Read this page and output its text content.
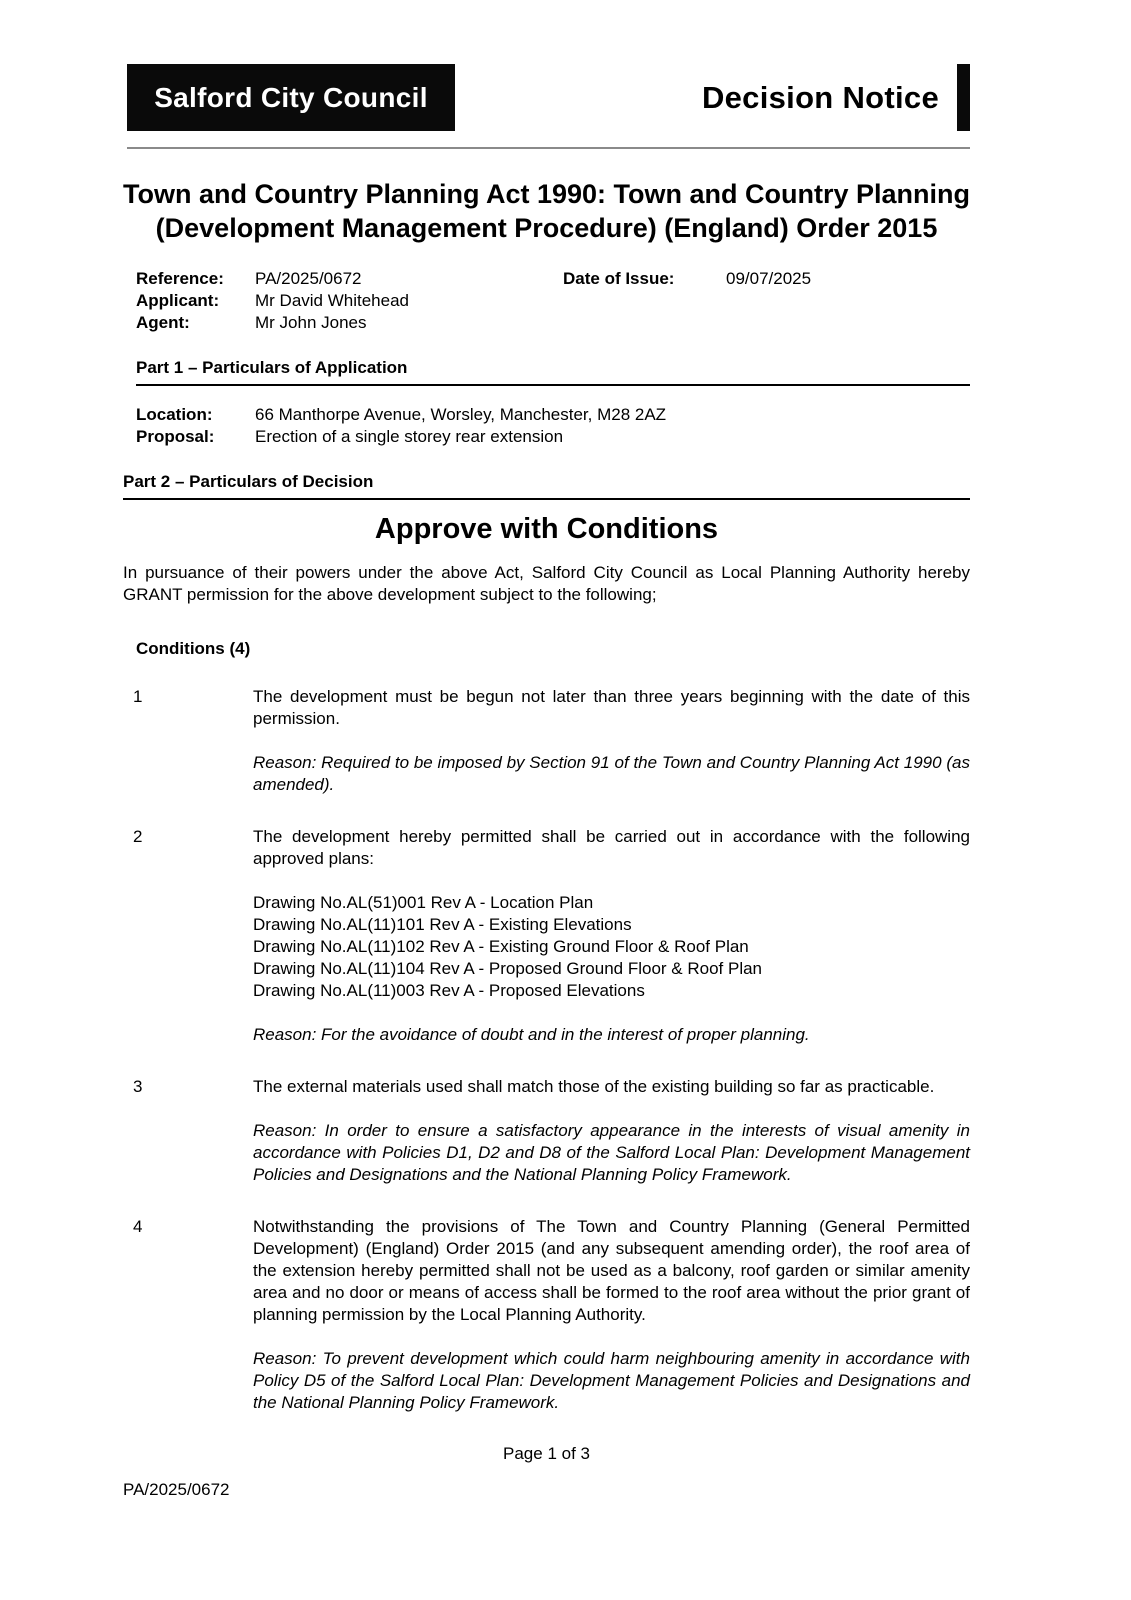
Salford City Council	Decision Notice
Town and Country Planning Act 1990: Town and Country Planning (Development Management Procedure) (England) Order 2015
Reference: PA/2025/0672	Date of Issue:	09/07/2025
Applicant: Mr David Whitehead
Agent:	Mr John Jones
Part 1 – Particulars of Application
Location:	66 Manthorpe Avenue, Worsley, Manchester, M28 2AZ
Proposal: Erection of a single storey rear extension
Part 2 – Particulars of Decision
Approve with Conditions

In pursuance of their powers under the above Act, Salford City Council as Local Planning Authority hereby GRANT permission for the above development subject to the following;

Conditions (4)
1	The development must be begun not later than three years beginning with the date of this permission.

Reason: Required to be imposed by Section 91 of the Town and Country Planning Act 1990 (as amended).

2	The development hereby permitted shall be carried out in accordance with the following approved plans:

Drawing No.AL(51)001 Rev A - Location Plan
Drawing No.AL(11)101 Rev A - Existing Elevations
Drawing No.AL(11)102 Rev A - Existing Ground Floor & Roof Plan
Drawing No.AL(11)104 Rev A - Proposed Ground Floor & Roof Plan
Drawing No.AL(11)003 Rev A - Proposed Elevations

Reason: For the avoidance of doubt and in the interest of proper planning.

3	The external materials used shall match those of the existing building so far as practicable.

Reason: In order to ensure a satisfactory appearance in the interests of visual amenity in accordance with Policies D1, D2 and D8 of the Salford Local Plan: Development Management Policies and Designations and the National Planning Policy Framework.

4	Notwithstanding the provisions of The Town and Country Planning (General Permitted Development) (England) Order 2015 (and any subsequent amending order), the roof area of the extension hereby permitted shall not be used as a balcony, roof garden or similar amenity area and no door or means of access shall be formed to the roof area without the prior grant of planning permission by the Local Planning Authority.

Reason: To prevent development which could harm neighbouring amenity in accordance with Policy D5 of the Salford Local Plan: Development Management Policies and Designations and the National Planning Policy Framework.

Page 1 of 3
PA/2025/0672
